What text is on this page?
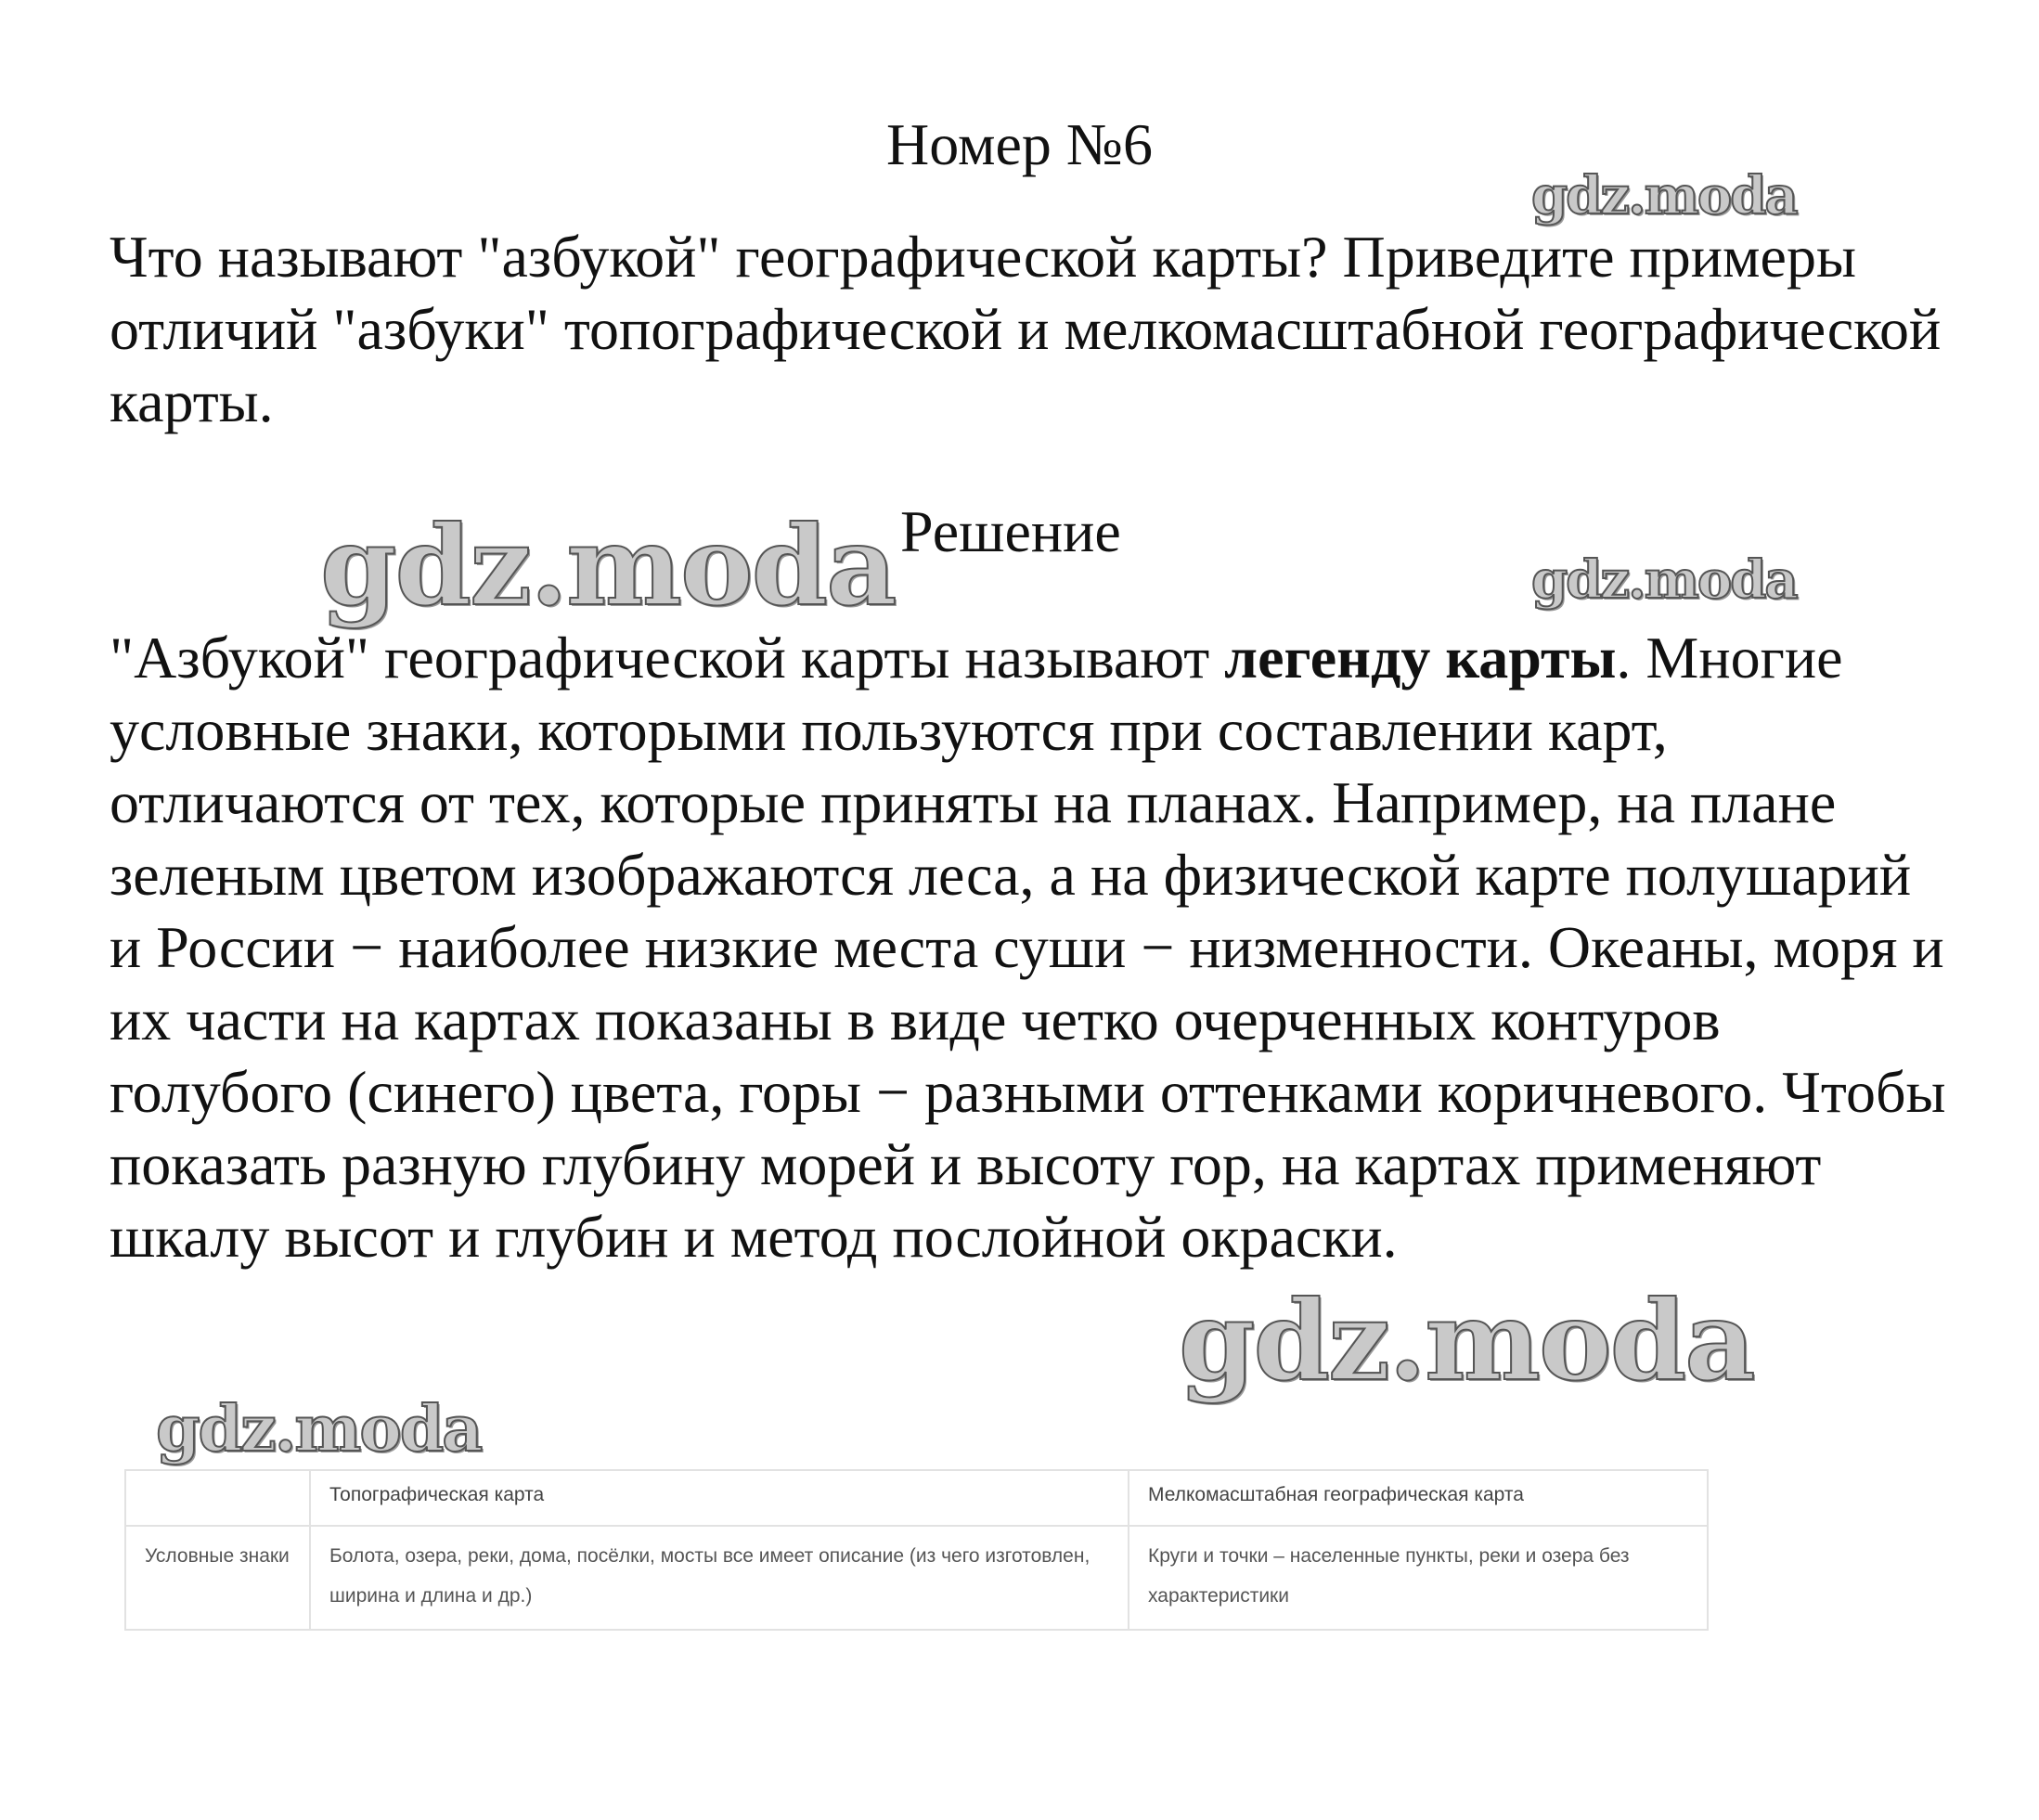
Номер №6
gdz.moda
Что называют "азбукой" географической карты? Приведите примеры отличий "азбуки" топографической и мелкомасштабной географической карты.
gdz.moda Решение
gdz.moda
"Азбукой" географической карты называют легенду карты. Многие условные знаки, которыми пользуются при составлении карт, отличаются от тех, которые приняты на планах. Например, на плане зеленым цветом изображаются леса, а на физической карте полушарий и России − наиболее низкие места суши − низменности. Океаны, моря и их части на картах показаны в виде четко очерченных контуров голубого (синего) цвета, горы − разными оттенками коричневого. Чтобы показать разную глубину морей и высоту гор, на картах применяют шкалу высот и глубин и метод послойной окраски.
gdz.moda
gdz.moda
	Топографическая карта	Мелкомасштабная географическая карта
Условные знаки	Болота, озера, реки, дома, посёлки, мосты все имеет описание (из чего изготовлен, ширина и длина и др.)	Круги и точки – населенные пункты, реки и озера без характеристики
